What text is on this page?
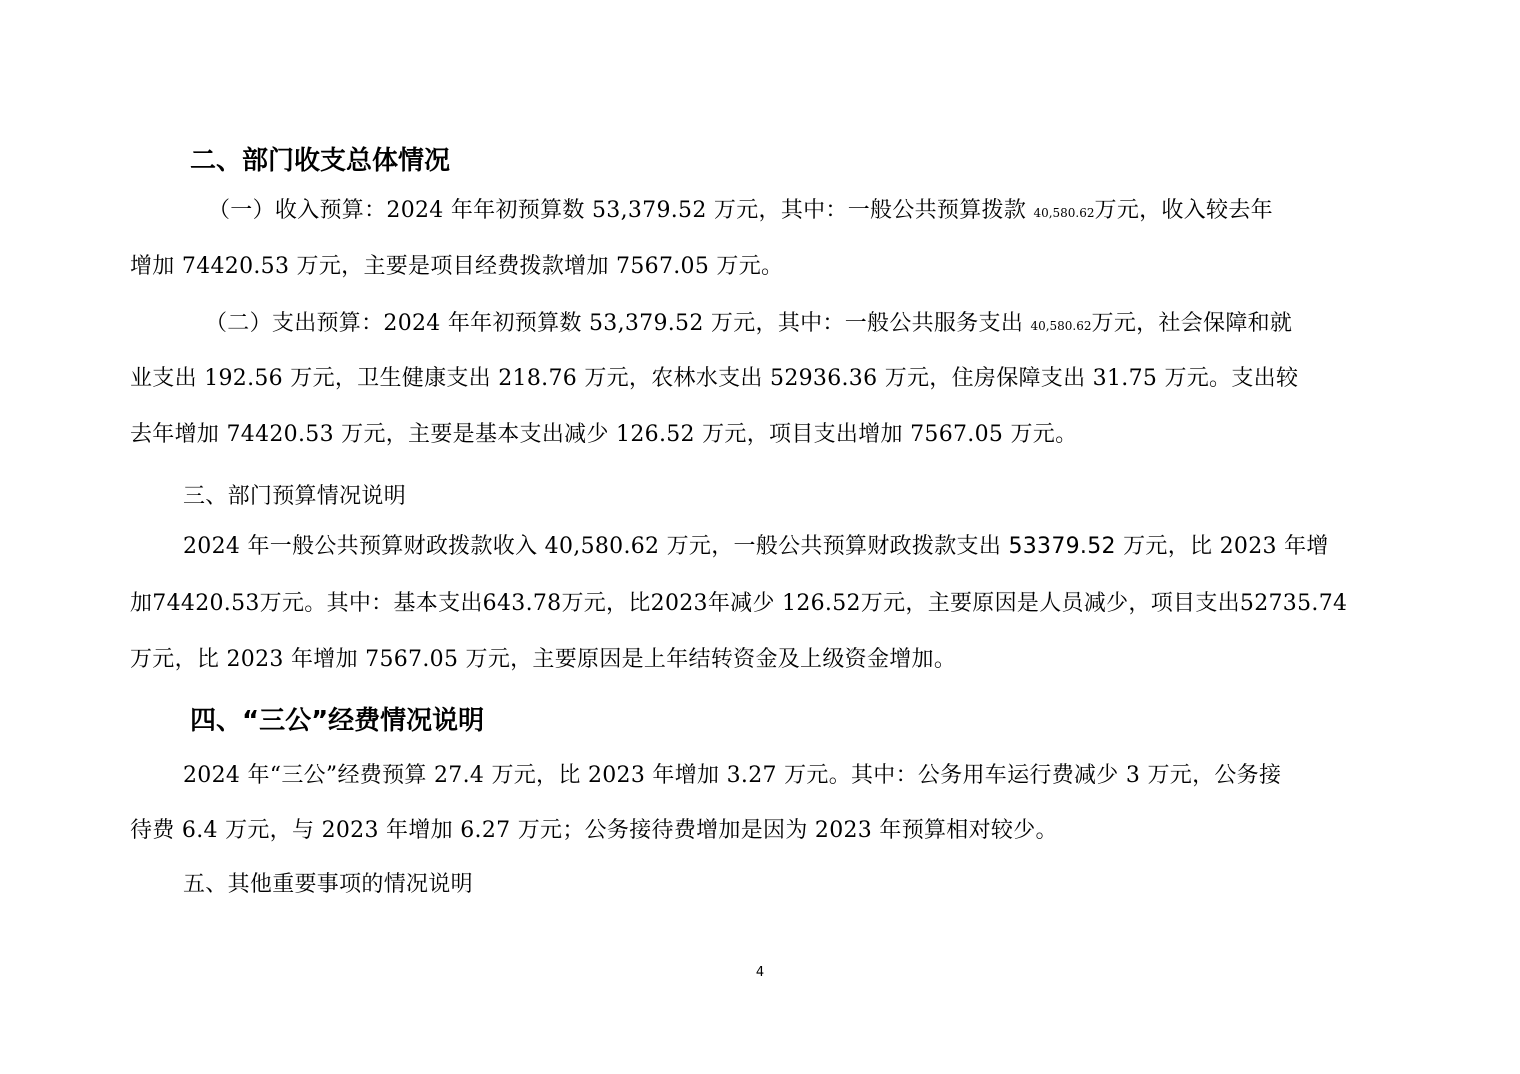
二、部门收支总体情况

（一）收入预算：2024 年年初预算数 53,379.52 万元，其中：一般公共预算拨款 40,580.62万元，收入较去年

增加 74420.53 万元，主要是项目经费拨款增加 7567.05 万元。

（二）支出预算：2024 年年初预算数 53,379.52 万元，其中：一般公共服务支出 40,580.62万元，社会保障和就

业支出 192.56 万元，卫生健康支出 218.76 万元，农林水支出 52936.36 万元，住房保障支出 31.75 万元。支出较

去年增加 74420.53 万元，主要是基本支出减少 126.52 万元，项目支出增加 7567.05 万元。

三、部门预算情况说明

2024 年一般公共预算财政拨款收入 40,580.62 万元，一般公共预算财政拨款支出 53379.52 万元，比 2023 年增

加74420.53万元。其中：基本支出643.78万元，比2023年减少 126.52万元，主要原因是人员减少，项目支出52735.74

万元，比 2023 年增加 7567.05 万元，主要原因是上年结转资金及上级资金增加。

四、“三公”经费情况说明

2024 年“三公”经费预算 27.4 万元，比 2023 年增加 3.27 万元。其中：公务用车运行费减少 3 万元，公务接

待费 6.4 万元，与 2023 年增加 6.27 万元；公务接待费增加是因为 2023 年预算相对较少。

五、其他重要事项的情况说明

4
